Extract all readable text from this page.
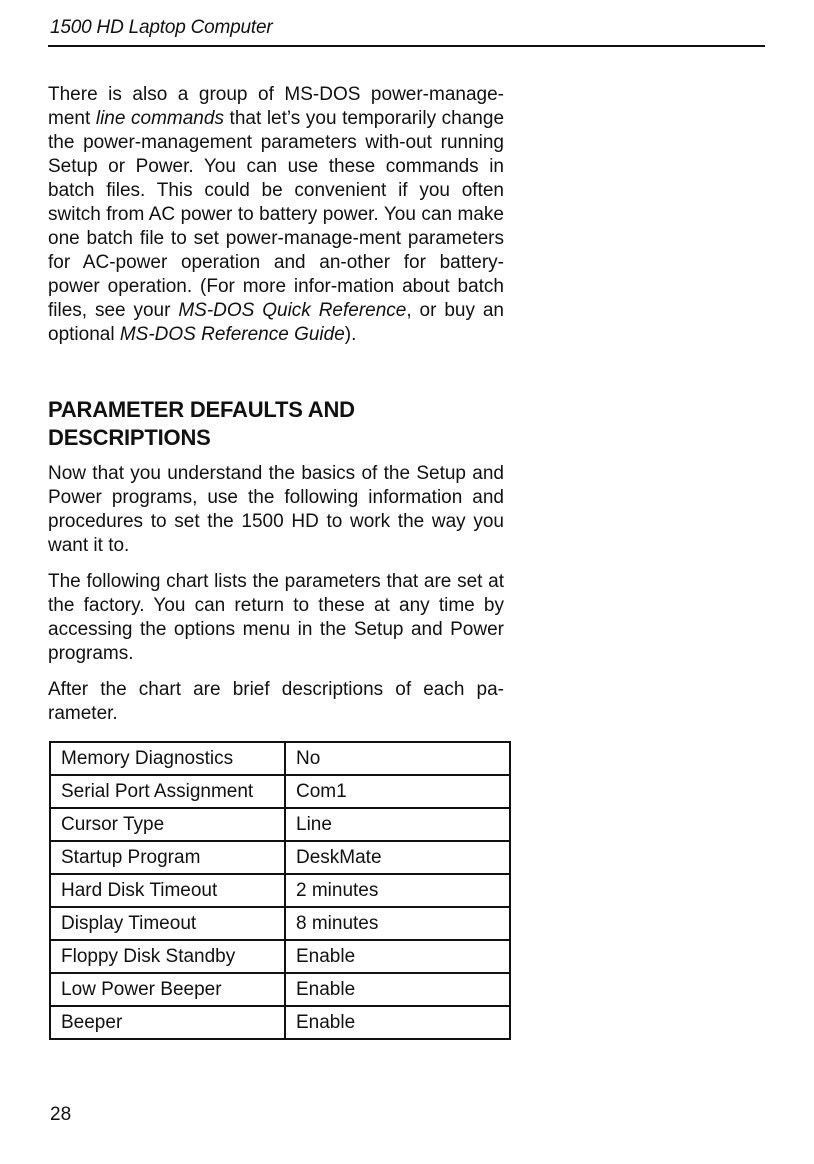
1500 HD Laptop Computer

There is also a group of MS-DOS power-manage-ment line commands that let’s you temporarily change the power-management parameters with-out running Setup or Power. You can use these commands in batch files. This could be convenient if you often switch from AC power to battery power. You can make one batch file to set power-manage-ment parameters for AC-power operation and an-other for battery-power operation. (For more infor-mation about batch files, see your MS-DOS Quick Reference, or buy an optional MS-DOS Reference Guide).

PARAMETER DEFAULTS AND DESCRIPTIONS

Now that you understand the basics of the Setup and Power programs, use the following information and procedures to set the 1500 HD to work the way you want it to.

The following chart lists the parameters that are set at the factory. You can return to these at any time by accessing the options menu in the Setup and Power programs.

After the chart are brief descriptions of each pa-rameter.

Memory Diagnostics	No
Serial Port Assignment	Com1
Cursor Type	Line
Startup Program	DeskMate
Hard Disk Timeout	2 minutes
Display Timeout	8 minutes
Floppy Disk Standby	Enable
Low Power Beeper	Enable
Beeper	Enable
28
